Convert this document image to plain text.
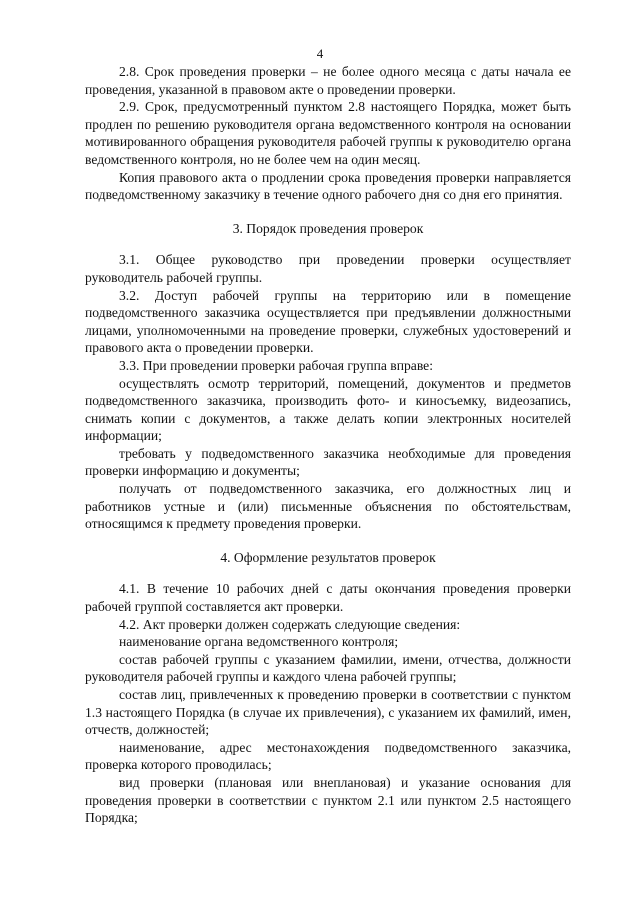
4

2.8. Срок проведения проверки – не более одного месяца с даты начала ее проведения, указанной в правовом акте о проведении проверки.

2.9. Срок, предусмотренный пунктом 2.8 настоящего Порядка, может быть продлен по решению руководителя органа ведомственного контроля на основании мотивированного обращения руководителя рабочей группы к руководителю органа ведомственного контроля, но не более чем на один месяц.

Копия правового акта о продлении срока проведения проверки направляется подведомственному заказчику в течение одного рабочего дня со дня его принятия.

3. Порядок проведения проверок

3.1. Общее руководство при проведении проверки осуществляет руководитель рабочей группы.

3.2. Доступ рабочей группы на территорию или в помещение подведомственного заказчика осуществляется при предъявлении должностными лицами, уполномоченными на проведение проверки, служебных удостоверений и правового акта о проведении проверки.

3.3. При проведении проверки рабочая группа вправе:

осуществлять осмотр территорий, помещений, документов и предметов подведомственного заказчика, производить фото- и киносъемку, видеозапись, снимать копии с документов, а также делать копии электронных носителей информации;

требовать у подведомственного заказчика необходимые для проведения проверки информацию и документы;

получать от подведомственного заказчика, его должностных лиц и работников устные и (или) письменные объяснения по обстоятельствам, относящимся к предмету проведения проверки.

4. Оформление результатов проверок

4.1. В течение 10 рабочих дней с даты окончания проведения проверки рабочей группой составляется акт проверки.

4.2. Акт проверки должен содержать следующие сведения:

наименование органа ведомственного контроля;

состав рабочей группы с указанием фамилии, имени, отчества, должности руководителя рабочей группы и каждого члена рабочей группы;

состав лиц, привлеченных к проведению проверки в соответствии с пунктом 1.3 настоящего Порядка (в случае их привлечения), с указанием их фамилий, имен, отчеств, должностей;

наименование, адрес местонахождения подведомственного заказчика, проверка которого проводилась;

вид проверки (плановая или внеплановая) и указание основания для проведения проверки в соответствии с пунктом 2.1 или пунктом 2.5 настоящего Порядка;
